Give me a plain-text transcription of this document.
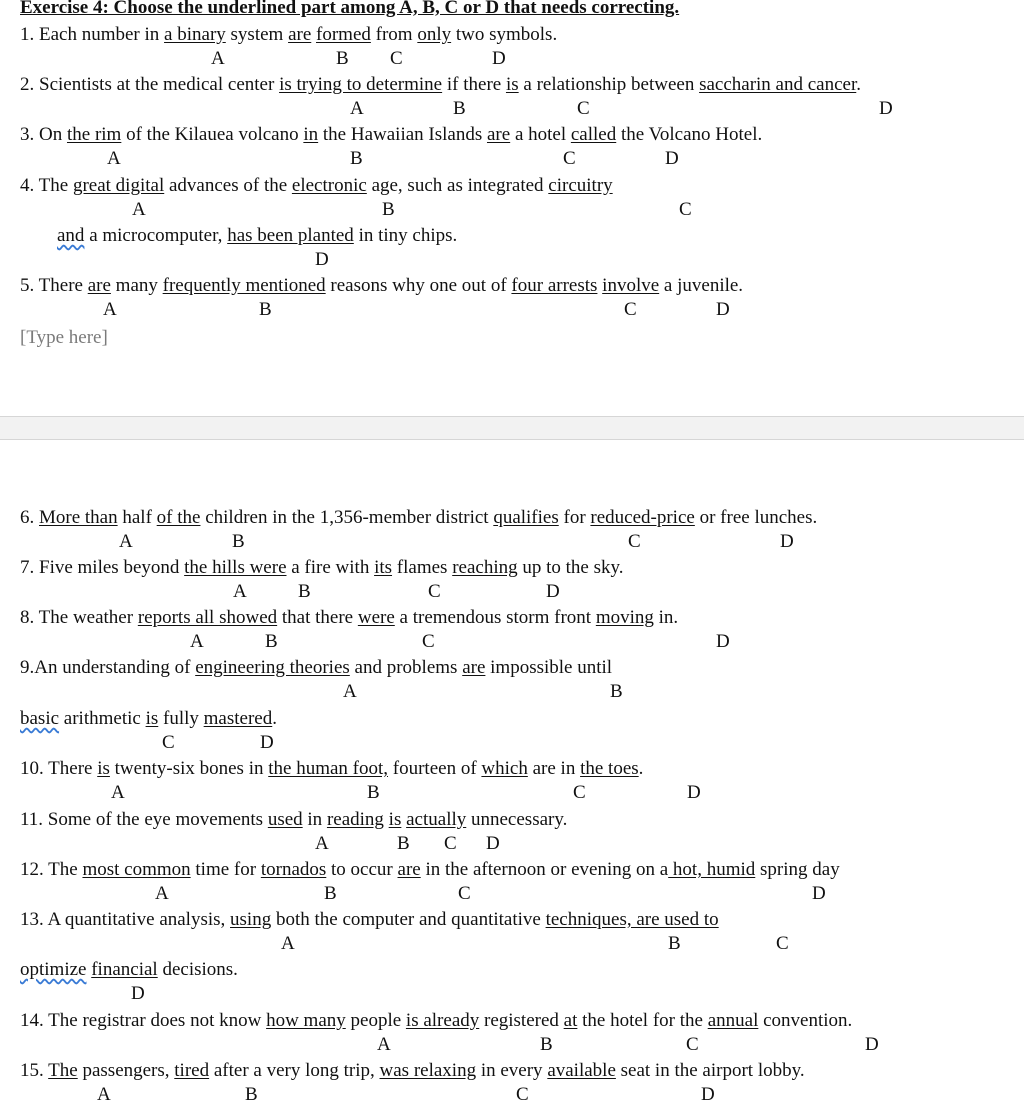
Exercise 4: Choose the underlined part among A, B, C or D that needs correcting.
1. Each number in a binary system are formed from only two symbols.
2. Scientists at the medical center is trying to determine if there is a relationship between saccharin and cancer.
3. On the rim of the Kilauea volcano in the Hawaiian Islands are a hotel called the Volcano Hotel.
4. The great digital advances of the electronic age, such as integrated circuitry
and a microcomputer, has been planted in tiny chips.
5. There are many frequently mentioned reasons why one out of four arrests involve a juvenile.
6. More than half of the children in the 1,356-member district qualifies for reduced-price or free lunches.
7. Five miles beyond the hills were a fire with its flames reaching up to the sky.
8. The weather reports all showed that there were a tremendous storm front moving in.
9.An understanding of engineering theories and problems are impossible until
basic arithmetic is fully mastered.
10. There is twenty-six bones in the human foot, fourteen of which are in the toes.
11. Some of the eye movements used in reading is actually unnecessary.
12. The most common time for tornados to occur are in the afternoon or evening on a hot, humid spring day
13. A quantitative analysis, using both the computer and quantitative techniques, are used to
optimize financial decisions.
14. The registrar does not know how many people is already registered at the hotel for the annual convention.
15. The passengers, tired after a very long trip, was relaxing in every available seat in the airport lobby.
A	B C	D
A	B	C	D
A	B	C	D
A	B	C
D
A	B	C	D
A	B	C	D
A	B	C	D
A	B	C	D
A	B
C	D
A	B	C	D
A	B C D
A	B	C	D
A	B	C
D
A	B	C	D
A	B	C	D
[Type here]
